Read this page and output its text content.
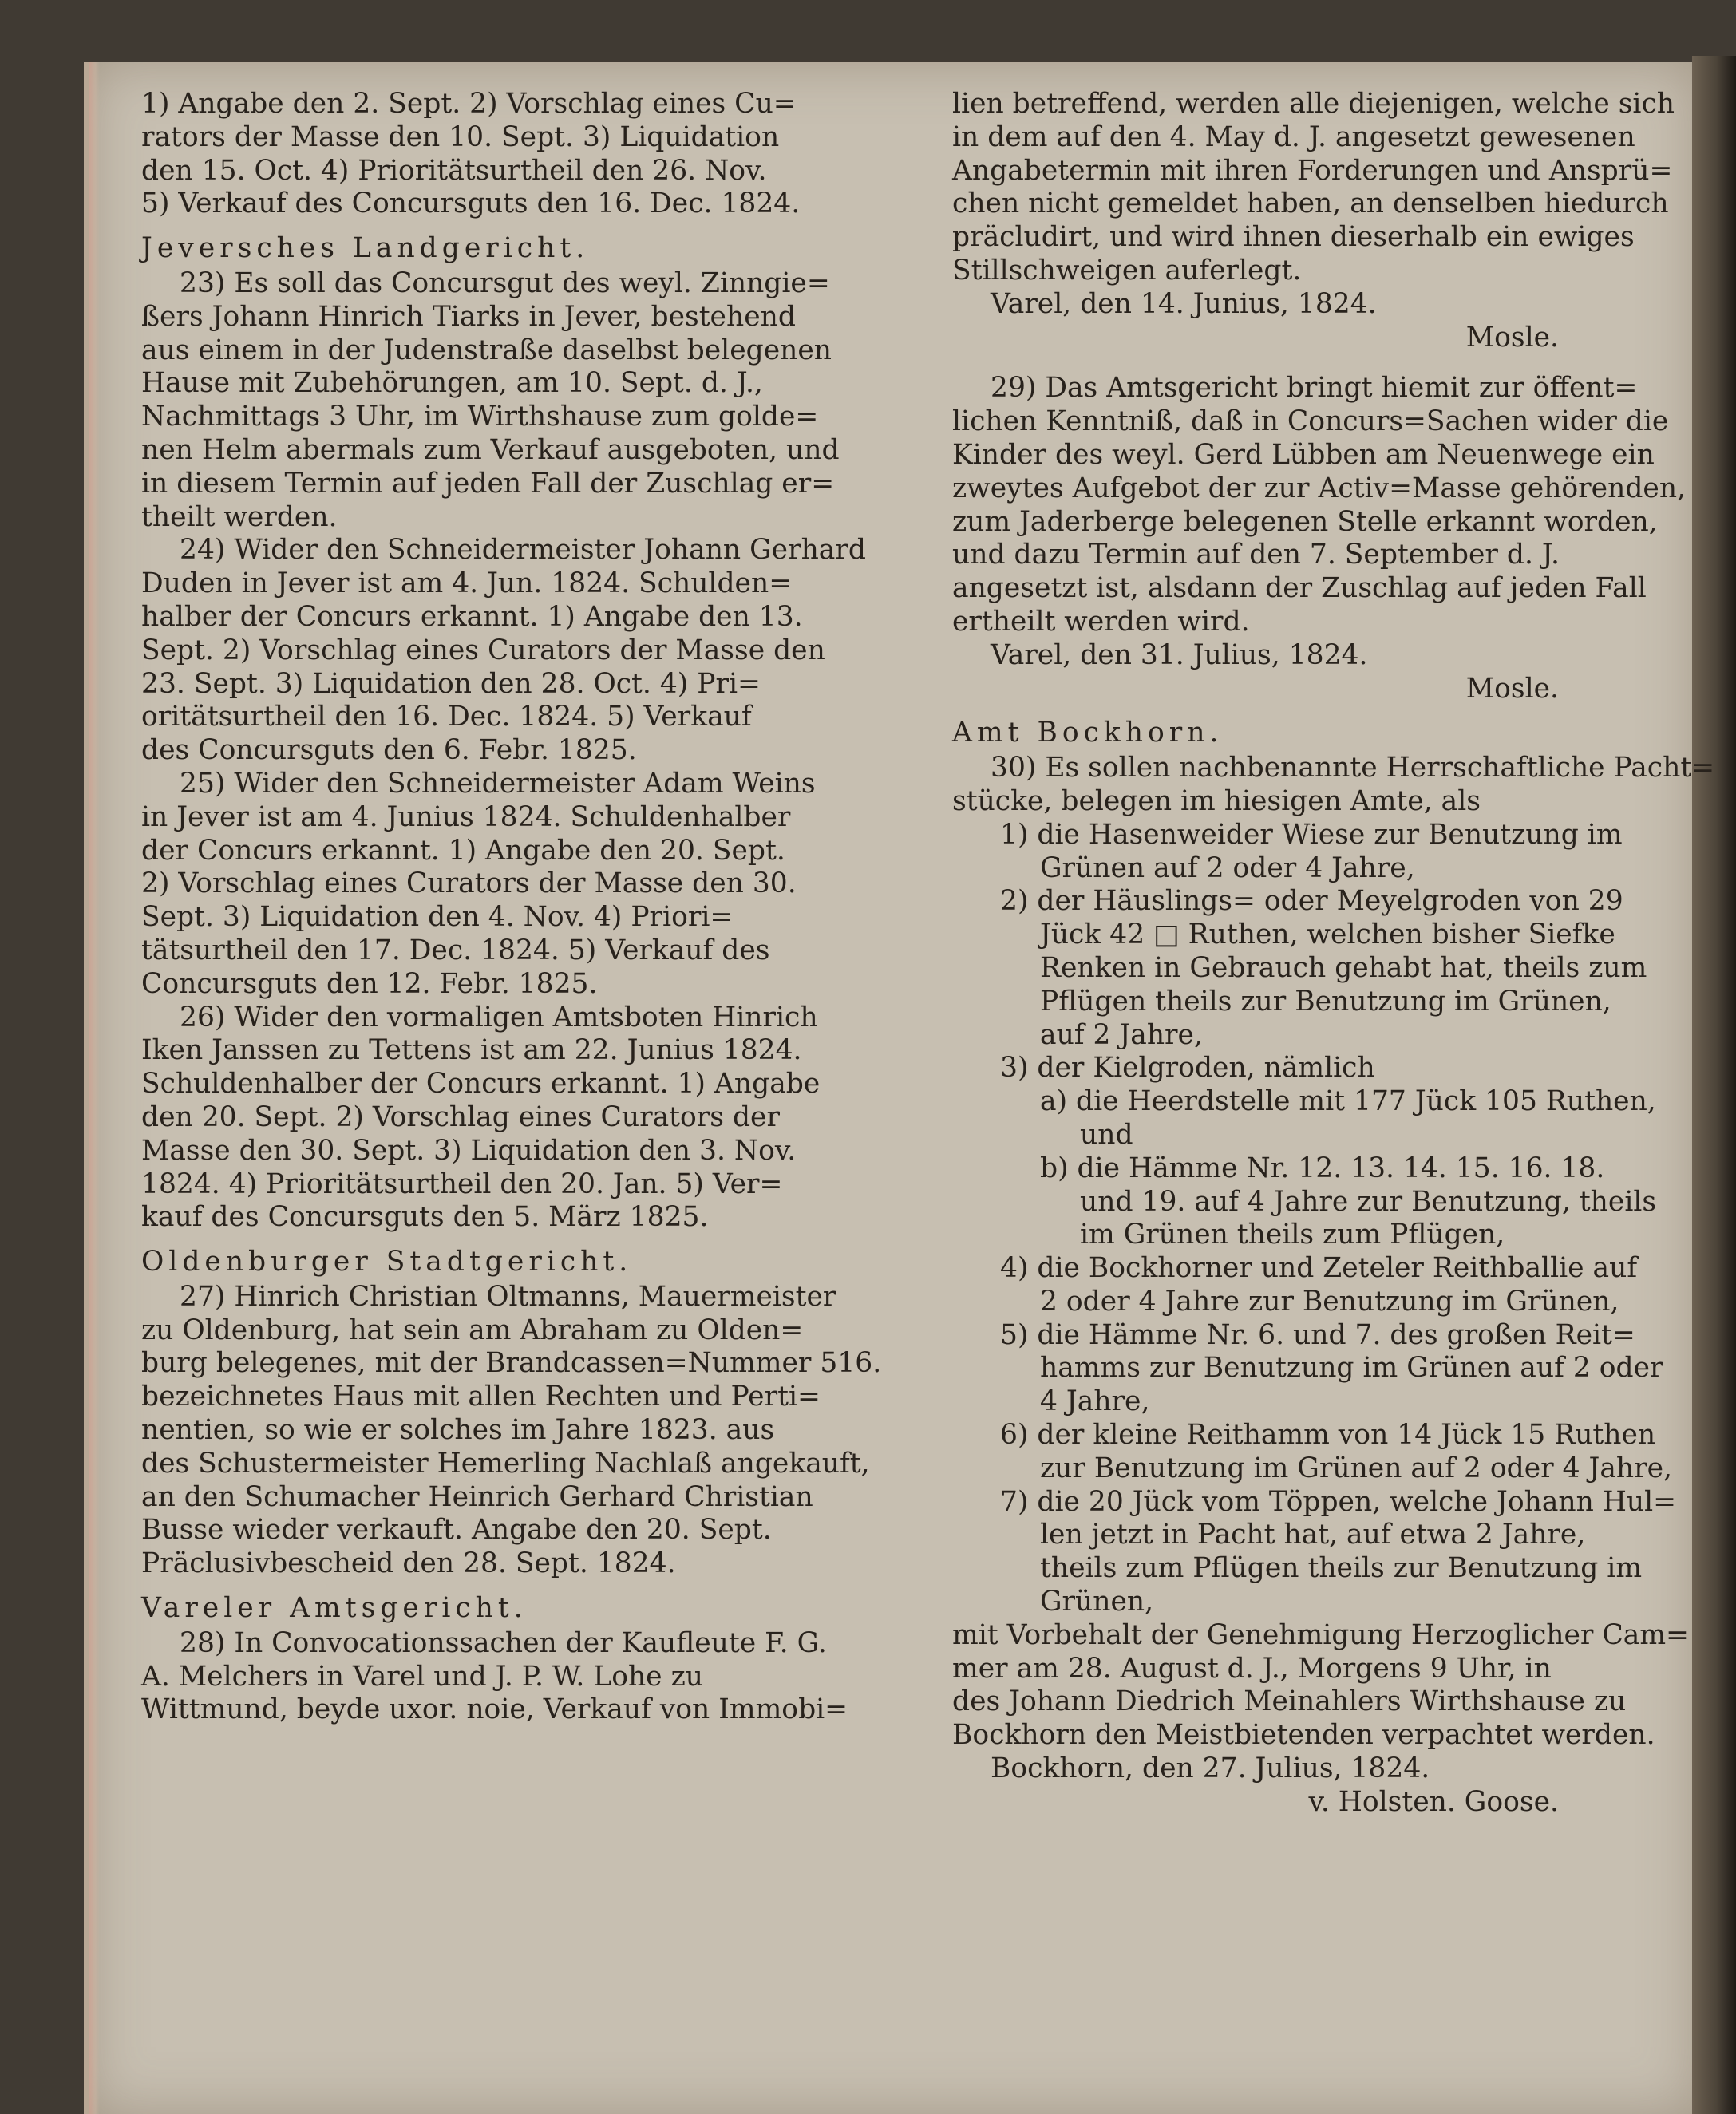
1) Angabe den 2. Sept. 2) Vorschlag eines Cu=
rators der Masse den 10. Sept. 3) Liquidation
den 15. Oct. 4) Prioritätsurtheil den 26. Nov.
5) Verkauf des Concursguts den 16. Dec. 1824.
Jeversches Landgericht.
23) Es soll das Concursgut des weyl. Zinngie=
ßers Johann Hinrich Tiarks in Jever, bestehend
aus einem in der Judenstraße daselbst belegenen
Hause mit Zubehörungen, am 10. Sept. d. J.,
Nachmittags 3 Uhr, im Wirthshause zum golde=
nen Helm abermals zum Verkauf ausgeboten, und
in diesem Termin auf jeden Fall der Zuschlag er=
theilt werden.
24) Wider den Schneidermeister Johann Gerhard
Duden in Jever ist am 4. Jun. 1824. Schulden=
halber der Concurs erkannt. 1) Angabe den 13.
Sept. 2) Vorschlag eines Curators der Masse den
23. Sept. 3) Liquidation den 28. Oct. 4) Pri=
oritätsurtheil den 16. Dec. 1824. 5) Verkauf
des Concursguts den 6. Febr. 1825.
25) Wider den Schneidermeister Adam Weins
in Jever ist am 4. Junius 1824. Schuldenhalber
der Concurs erkannt. 1) Angabe den 20. Sept.
2) Vorschlag eines Curators der Masse den 30.
Sept. 3) Liquidation den 4. Nov. 4) Priori=
tätsurtheil den 17. Dec. 1824. 5) Verkauf des
Concursguts den 12. Febr. 1825.
26) Wider den vormaligen Amtsboten Hinrich
Iken Janssen zu Tettens ist am 22. Junius 1824.
Schuldenhalber der Concurs erkannt. 1) Angabe
den 20. Sept. 2) Vorschlag eines Curators der
Masse den 30. Sept. 3) Liquidation den 3. Nov.
1824. 4) Prioritätsurtheil den 20. Jan. 5) Ver=
kauf des Concursguts den 5. März 1825.
Oldenburger Stadtgericht.
27) Hinrich Christian Oltmanns, Mauermeister
zu Oldenburg, hat sein am Abraham zu Olden=
burg belegenes, mit der Brandcassen=Nummer 516.
bezeichnetes Haus mit allen Rechten und Perti=
nentien, so wie er solches im Jahre 1823. aus
des Schustermeister Hemerling Nachlaß angekauft,
an den Schumacher Heinrich Gerhard Christian
Busse wieder verkauft. Angabe den 20. Sept.
Präclusivbescheid den 28. Sept. 1824.
Vareler Amtsgericht.
28) In Convocationssachen der Kaufleute F. G.
A. Melchers in Varel und J. P. W. Lohe zu
Wittmund, beyde uxor. noie, Verkauf von Immobi=
lien betreffend, werden alle diejenigen, welche sich
in dem auf den 4. May d. J. angesetzt gewesenen
Angabetermin mit ihren Forderungen und Ansprü=
chen nicht gemeldet haben, an denselben hiedurch
präcludirt, und wird ihnen dieserhalb ein ewiges
Stillschweigen auferlegt.
Varel, den 14. Junius, 1824.
Mosle.
29) Das Amtsgericht bringt hiemit zur öffent=
lichen Kenntniß, daß in Concurs=Sachen wider die
Kinder des weyl. Gerd Lübben am Neuenwege ein
zweytes Aufgebot der zur Activ=Masse gehörenden,
zum Jaderberge belegenen Stelle erkannt worden,
und dazu Termin auf den 7. September d. J.
angesetzt ist, alsdann der Zuschlag auf jeden Fall
ertheilt werden wird.
Varel, den 31. Julius, 1824.
Mosle.
Amt Bockhorn.
30) Es sollen nachbenannte Herrschaftliche Pacht=
stücke, belegen im hiesigen Amte, als
1) die Hasenweider Wiese zur Benutzung im
Grünen auf 2 oder 4 Jahre,
2) der Häuslings= oder Meyelgroden von 29
Jück 42 □ Ruthen, welchen bisher Siefke
Renken in Gebrauch gehabt hat, theils zum
Pflügen theils zur Benutzung im Grünen,
auf 2 Jahre,
3) der Kielgroden, nämlich
a) die Heerdstelle mit 177 Jück 105 Ruthen,
und
b) die Hämme Nr. 12. 13. 14. 15. 16. 18.
und 19. auf 4 Jahre zur Benutzung, theils
im Grünen theils zum Pflügen,
4) die Bockhorner und Zeteler Reithballie auf
2 oder 4 Jahre zur Benutzung im Grünen,
5) die Hämme Nr. 6. und 7. des großen Reit=
hamms zur Benutzung im Grünen auf 2 oder
4 Jahre,
6) der kleine Reithamm von 14 Jück 15 Ruthen
zur Benutzung im Grünen auf 2 oder 4 Jahre,
7) die 20 Jück vom Töppen, welche Johann Hul=
len jetzt in Pacht hat, auf etwa 2 Jahre,
theils zum Pflügen theils zur Benutzung im
Grünen,
mit Vorbehalt der Genehmigung Herzoglicher Cam=
mer am 28. August d. J., Morgens 9 Uhr, in
des Johann Diedrich Meinahlers Wirthshause zu
Bockhorn den Meistbietenden verpachtet werden.
Bockhorn, den 27. Julius, 1824.
v. Holsten. Goose.
